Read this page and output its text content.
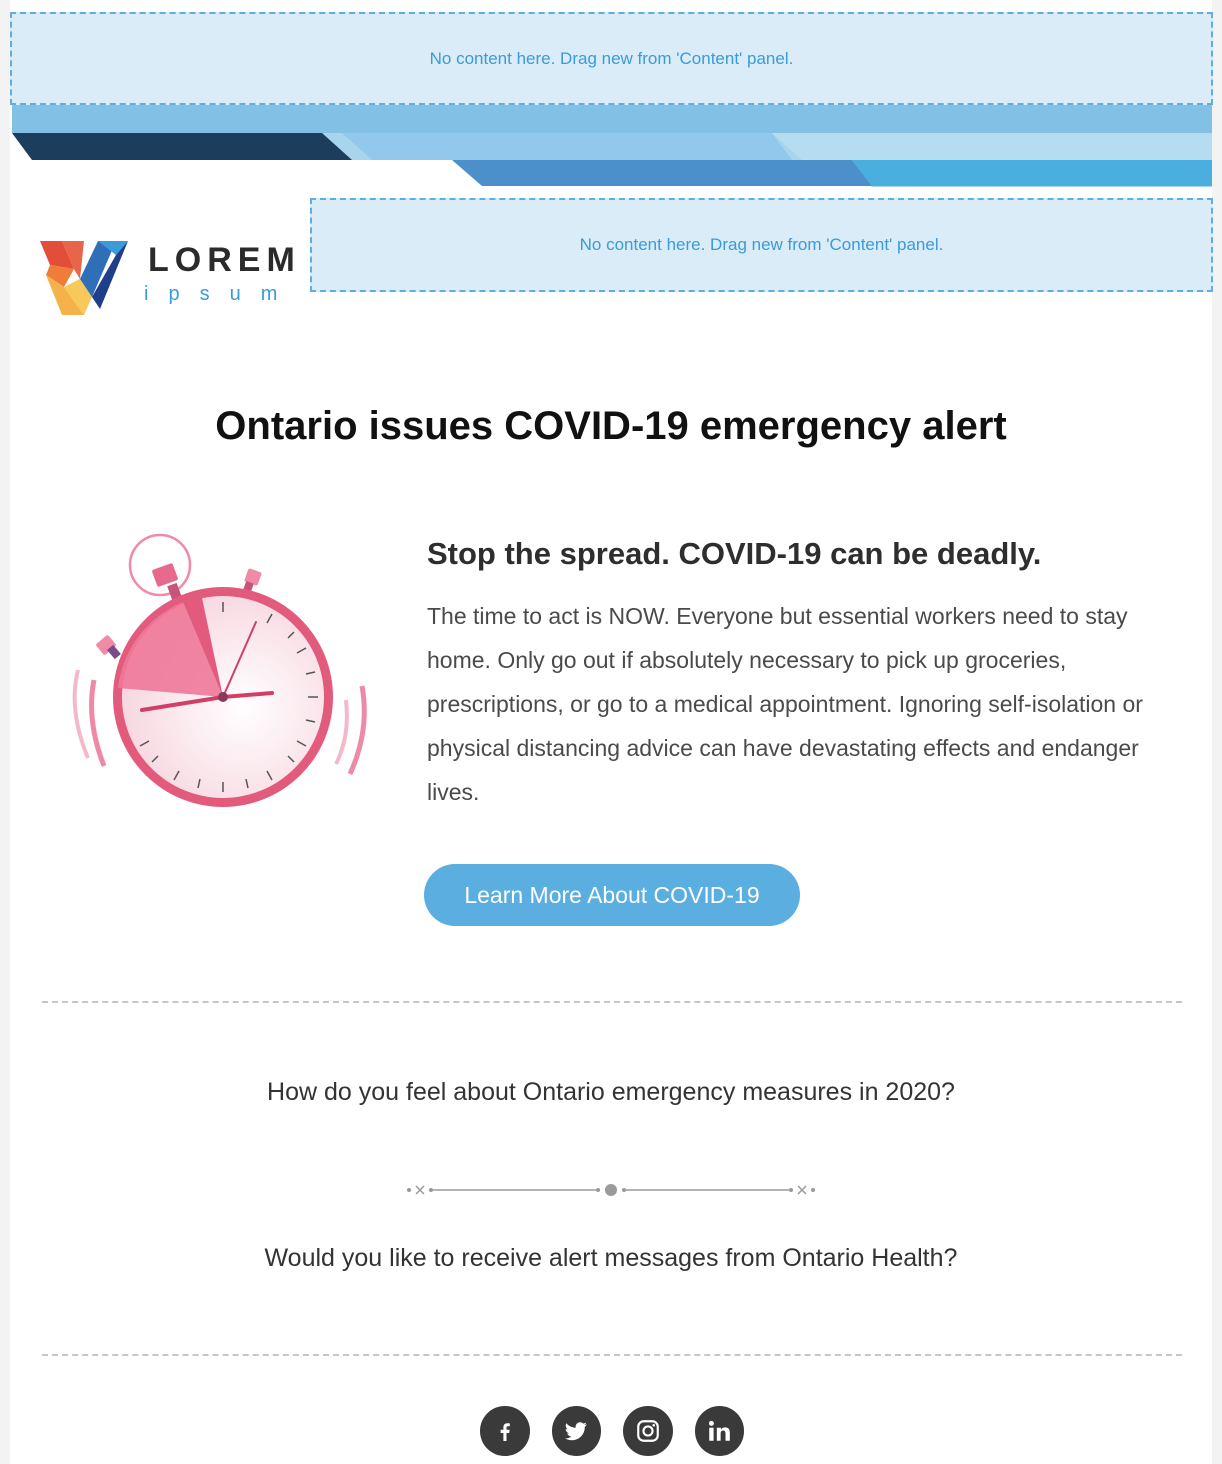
No content here. Drag new from 'Content' panel.
LOREM
ipsum
No content here. Drag new from 'Content' panel.
Ontario issues COVID-19 emergency alert
Stop the spread. COVID-19 can be deadly.
The time to act is NOW. Everyone but essential workers need to stay home. Only go out if absolutely necessary to pick up groceries, prescriptions, or go to a medical appointment. Ignoring self-isolation or physical distancing advice can have devastating effects and endanger lives.
Learn More About COVID-19
How do you feel about Ontario emergency measures in 2020?
Would you like to receive alert messages from Ontario Health?
